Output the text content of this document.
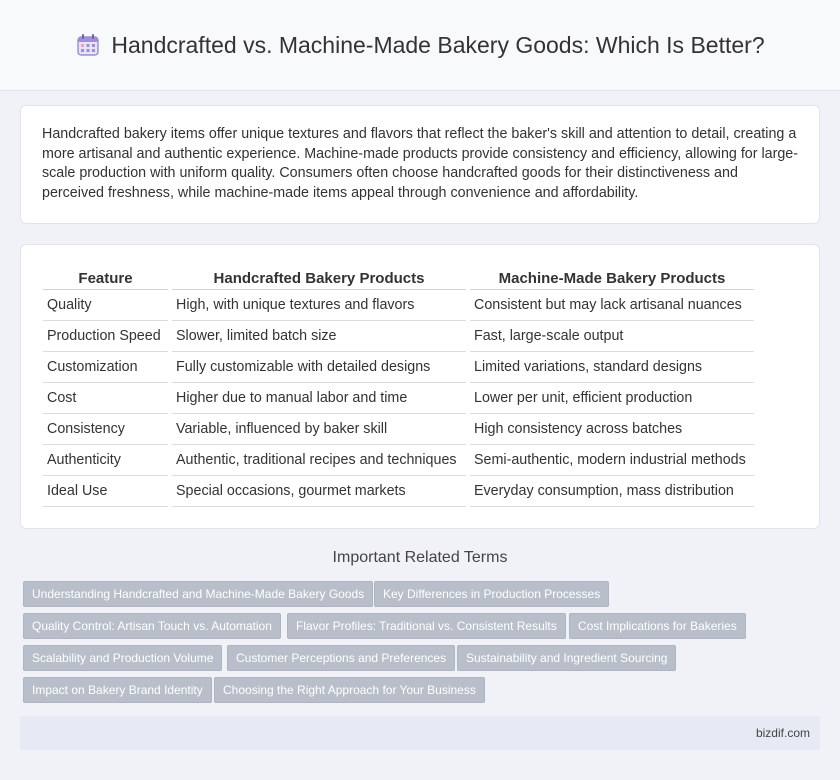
Handcrafted vs. Machine-Made Bakery Goods: Which Is Better?

Handcrafted bakery items offer unique textures and flavors that reflect the baker's skill and attention to detail, creating a more artisanal and authentic experience. Machine-made products provide consistency and efficiency, allowing for large-scale production with uniform quality. Consumers often choose handcrafted goods for their distinctiveness and perceived freshness, while machine-made items appeal through convenience and affordability.

Feature	Handcrafted Bakery Products	Machine-Made Bakery Products
Quality	High, with unique textures and flavors	Consistent but may lack artisanal nuances
Production Speed	Slower, limited batch size	Fast, large-scale output
Customization	Fully customizable with detailed designs	Limited variations, standard designs
Cost	Higher due to manual labor and time	Lower per unit, efficient production
Consistency	Variable, influenced by baker skill	High consistency across batches
Authenticity	Authentic, traditional recipes and techniques	Semi-authentic, modern industrial methods
Ideal Use	Special occasions, gourmet markets	Everyday consumption, mass distribution
Important Related Terms
Understanding Handcrafted and Machine-Made Bakery Goods	Key Differences in Production Processes
Quality Control: Artisan Touch vs. Automation	Flavor Profiles: Traditional vs. Consistent Results	Cost Implications for Bakeries
Scalability and Production Volume	Customer Perceptions and Preferences	Sustainability and Ingredient Sourcing
Impact on Bakery Brand Identity	Choosing the Right Approach for Your Business
bizdif.com
